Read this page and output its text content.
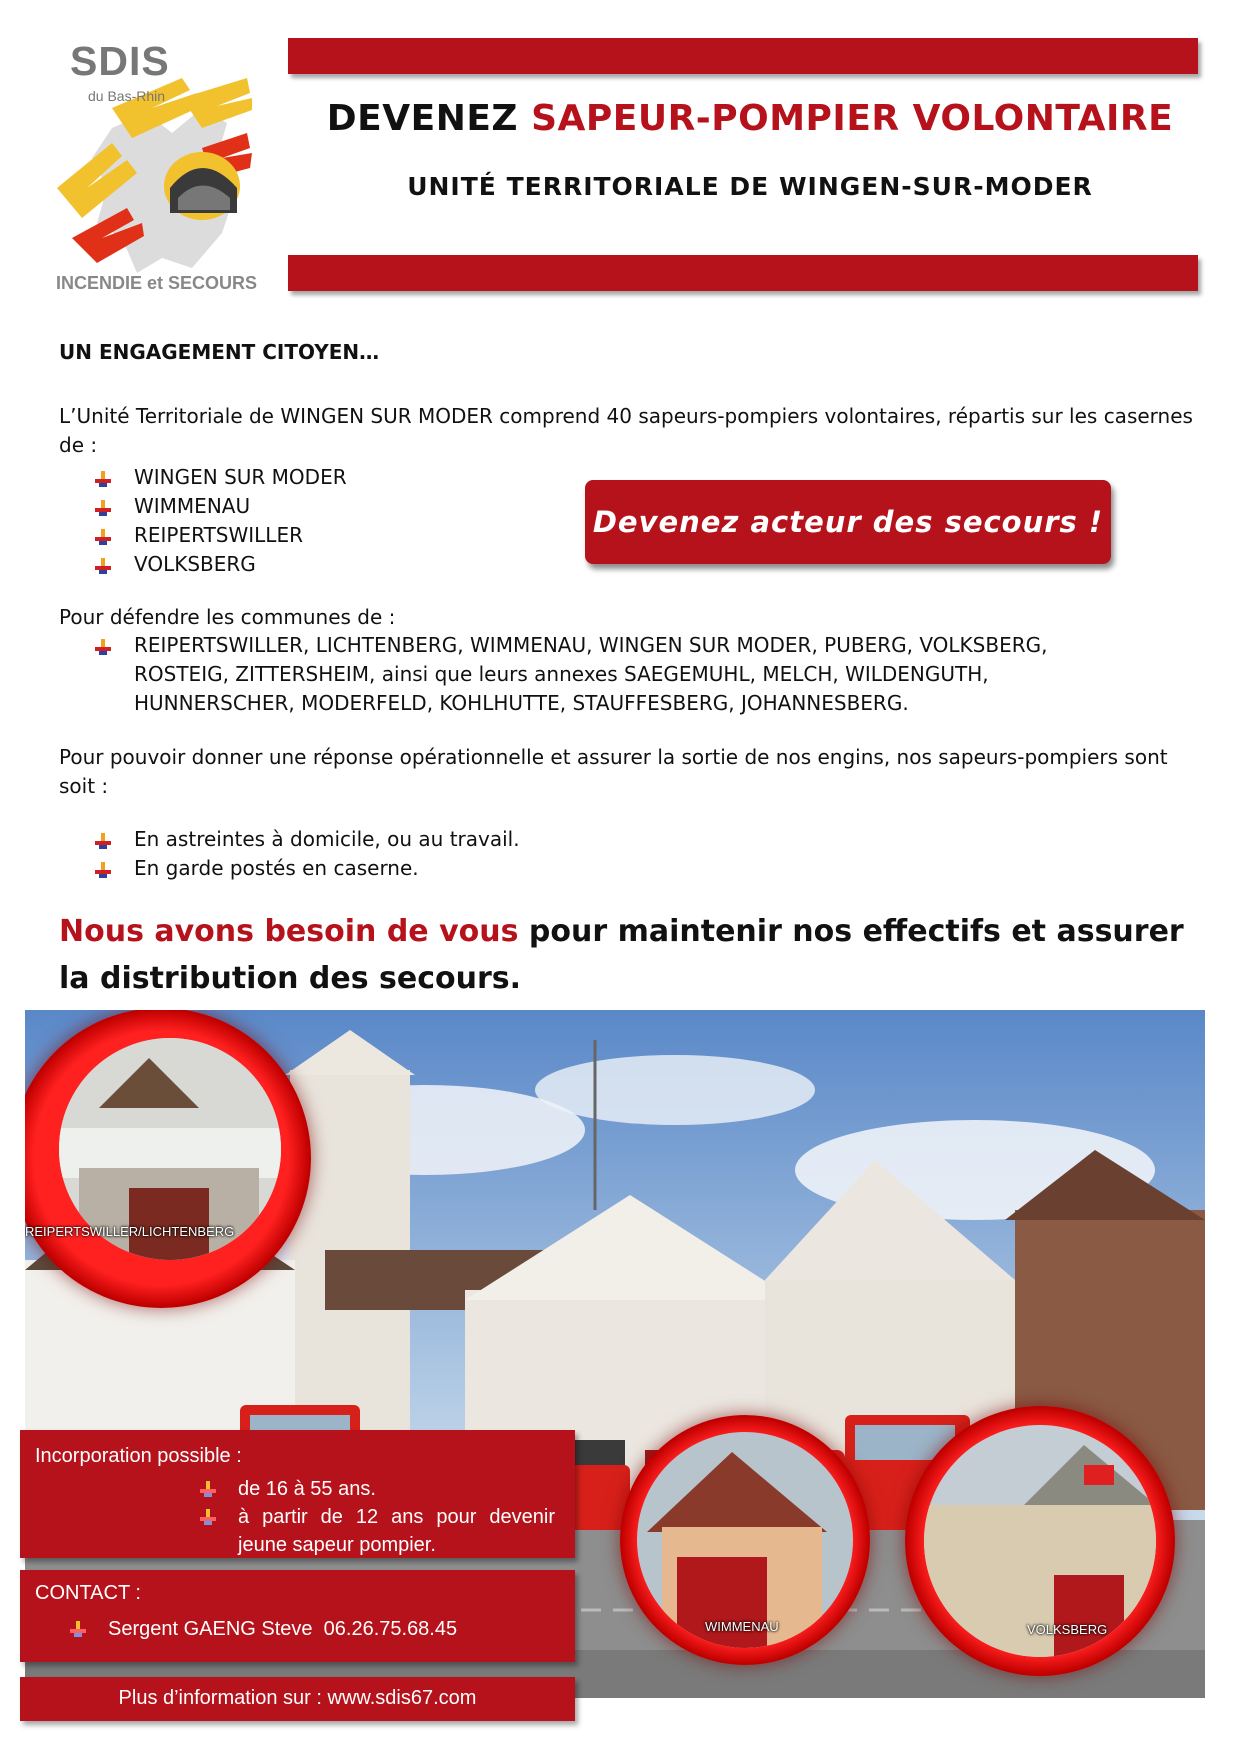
DEVENEZ SAPEUR-POMPIER VOLONTAIRE
UNITÉ TERRITORIALE DE WINGEN-SUR-MODER
SDIS
du Bas-Rhin
INCENDIE et SECOURS
UN ENGAGEMENT CITOYEN…
L’Unité Territoriale de WINGEN SUR MODER comprend 40 sapeurs-pompiers volontaires, répartis sur les casernes de :
WINGEN SUR MODER
WIMMENAU
REIPERTSWILLER
VOLKSBERG
Devenez acteur des secours !
Pour défendre les communes de :
REIPERTSWILLER, LICHTENBERG, WIMMENAU, WINGEN SUR MODER, PUBERG, VOLKSBERG, ROSTEIG, ZITTERSHEIM, ainsi que leurs annexes SAEGEMUHL, MELCH, WILDENGUTH, HUNNERSCHER, MODERFELD, KOHLHUTTE, STAUFFESBERG, JOHANNESBERG.
Pour pouvoir donner une réponse opérationnelle et assurer la sortie de nos engins, nos sapeurs-pompiers sont soit :
En astreintes à domicile, ou au travail.
En garde postés en caserne.
Nous avons besoin de vous pour maintenir nos effectifs et assurer la distribution des secours.
REIPERTSWILLER/LICHTENBERG
WIMMENAU	VOLKSBERG
Incorporation possible :
de 16 à 55 ans.
à partir de 12 ans pour devenir jeune sapeur pompier.
CONTACT :
Sergent GAENG Steve  06.26.75.68.45
Plus d’information sur : www.sdis67.com
